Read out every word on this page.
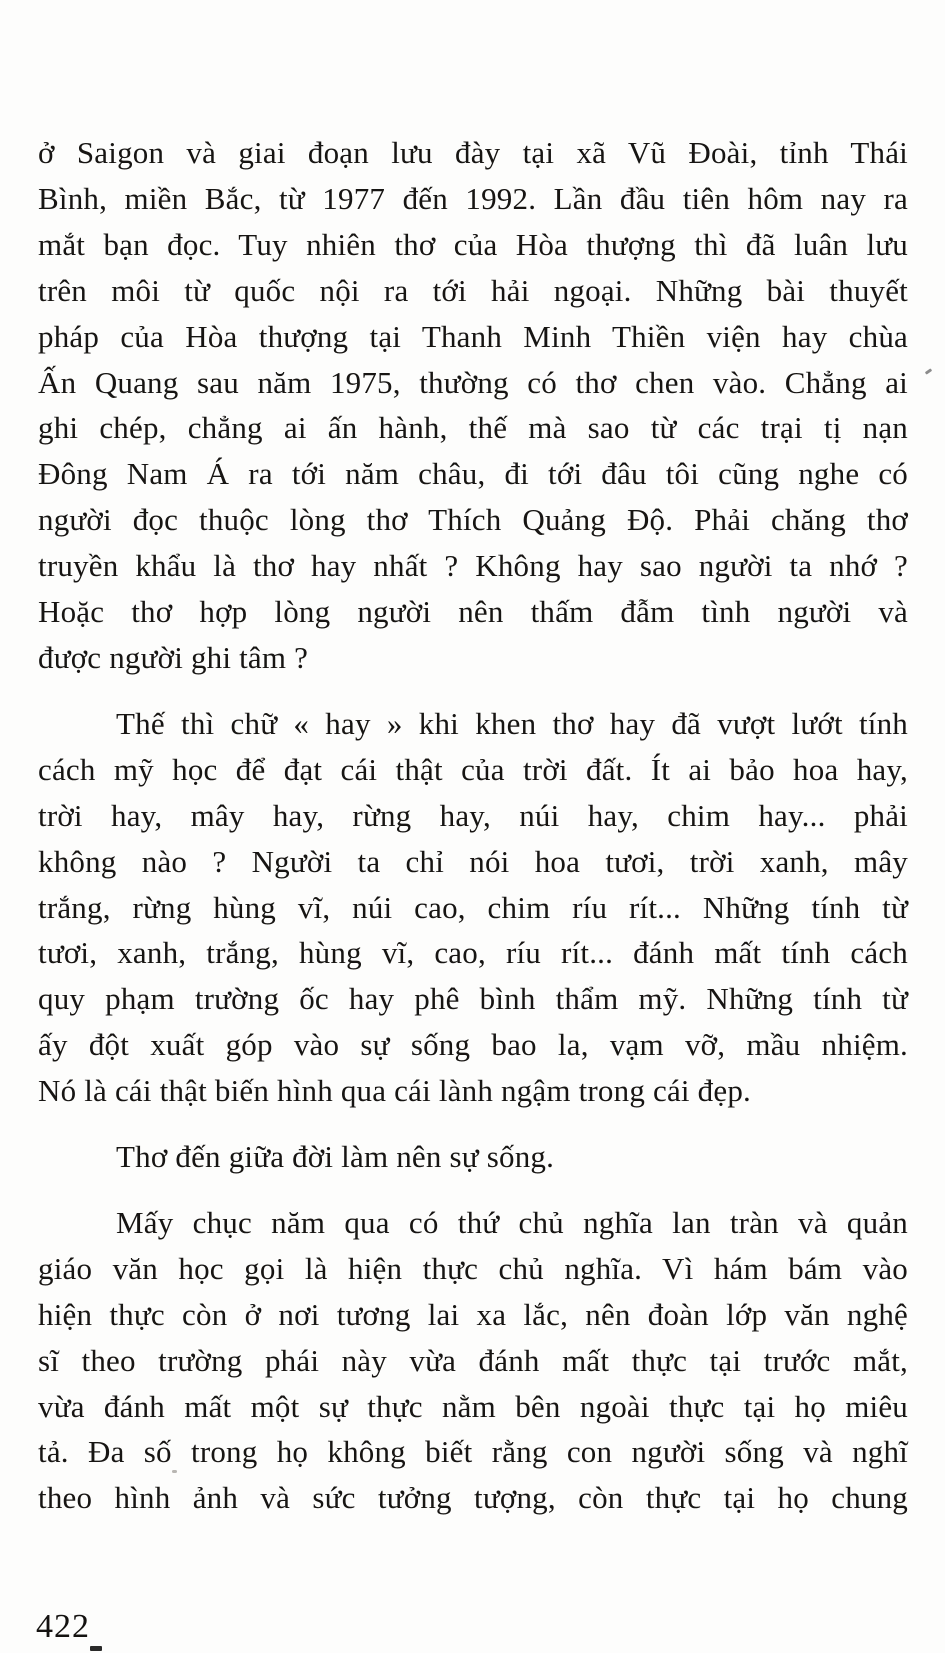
ở Saigon và giai đoạn lưu đày tại xã Vũ Đoài, tỉnh Thái
Bình, miền Bắc, từ 1977 đến 1992. Lần đầu tiên hôm nay ra
mắt bạn đọc. Tuy nhiên thơ của Hòa thượng thì đã luân lưu
trên môi từ quốc nội ra tới hải ngoại. Những bài thuyết
pháp của Hòa thượng tại Thanh Minh Thiền viện hay chùa
Ấn Quang sau năm 1975, thường có thơ chen vào. Chẳng ai
ghi chép, chẳng ai ấn hành, thế mà sao từ các trại tị nạn
Đông Nam Á ra tới năm châu, đi tới đâu tôi cũng nghe có
người đọc thuộc lòng thơ Thích Quảng Độ. Phải chăng thơ
truyền khẩu là thơ hay nhất ? Không hay sao người ta nhớ ?
Hoặc thơ hợp lòng người nên thấm đẫm tình người và
được người ghi tâm ?
Thế thì chữ « hay » khi khen thơ hay đã vượt lướt tính
cách mỹ học để đạt cái thật của trời đất. Ít ai bảo hoa hay,
trời hay, mây hay, rừng hay, núi hay, chim hay... phải
không nào ? Người ta chỉ nói hoa tươi, trời xanh, mây
trắng, rừng hùng vĩ, núi cao, chim ríu rít... Những tính từ
tươi, xanh, trắng, hùng vĩ, cao, ríu rít... đánh mất tính cách
quy phạm trường ốc hay phê bình thẩm mỹ. Những tính từ
ấy đột xuất góp vào sự sống bao la, vạm vỡ, mầu nhiệm.
Nó là cái thật biến hình qua cái lành ngậm trong cái đẹp.
Thơ đến giữa đời làm nên sự sống.
Mấy chục năm qua có thứ chủ nghĩa lan tràn và quản
giáo văn học gọi là hiện thực chủ nghĩa. Vì hám bám vào
hiện thực còn ở nơi tương lai xa lắc, nên đoàn lớp văn nghệ
sĩ theo trường phái này vừa đánh mất thực tại trước mắt,
vừa đánh mất một sự thực nằm bên ngoài thực tại họ miêu
tả. Đa số trong họ không biết rằng con người sống và nghĩ
theo hình ảnh và sức tưởng tượng, còn thực tại họ chung
422
